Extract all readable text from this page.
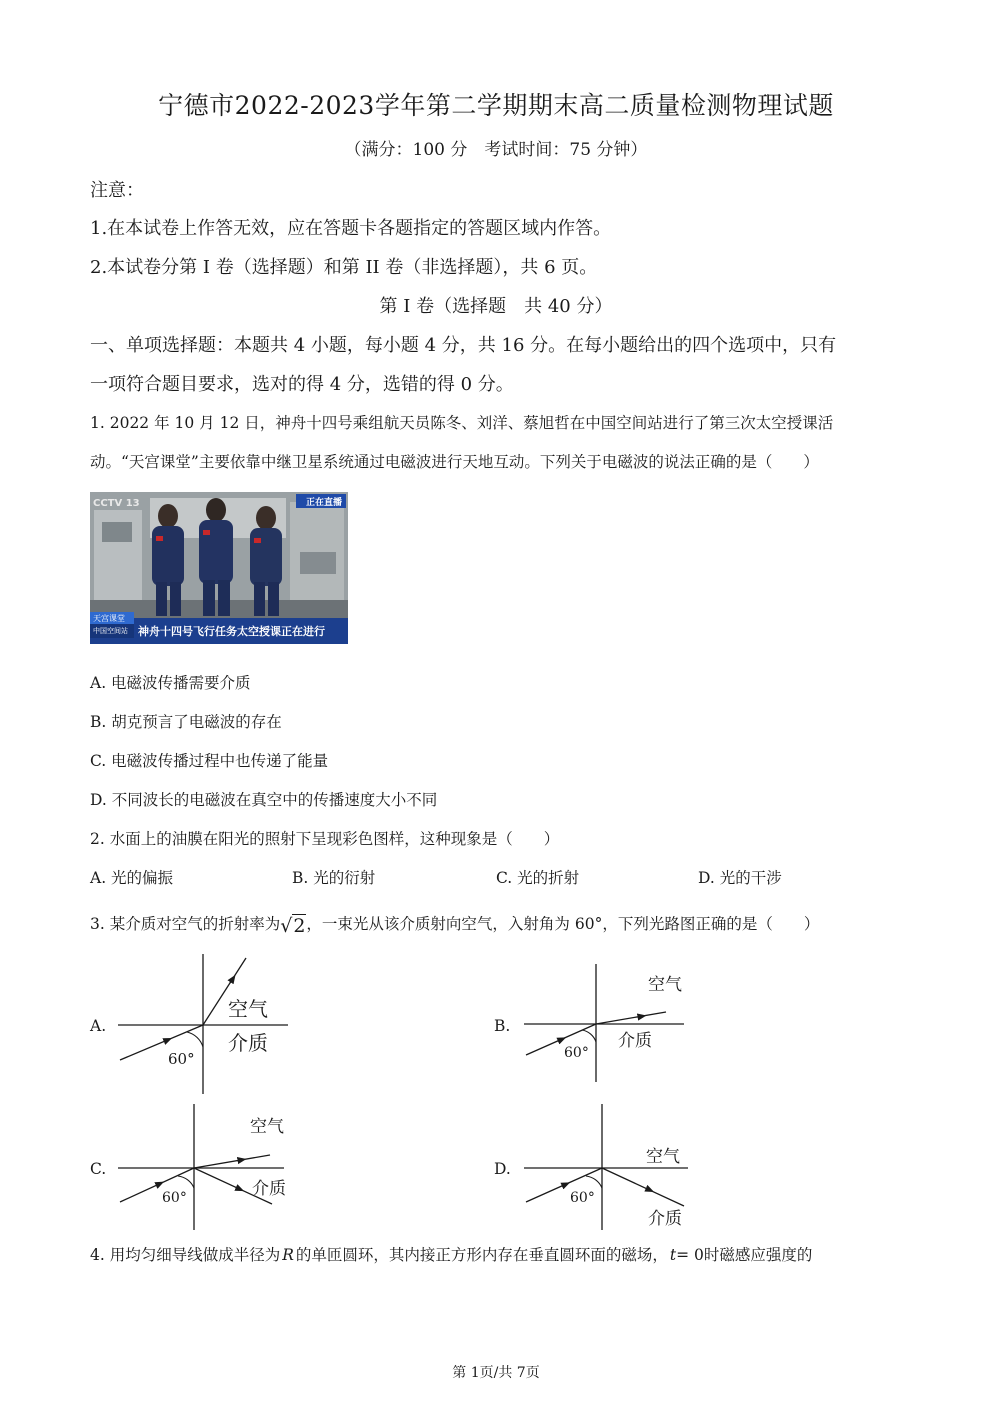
宁德市2022-2023学年第二学期期末高二质量检测物理试题
（满分：100 分　考试时间：75 分钟）
注意：
1.在本试卷上作答无效，应在答题卡各题指定的答题区域内作答。
2.本试卷分第 I 卷（选择题）和第 II 卷（非选择题），共 6 页。
第 I 卷（选择题　共 40 分）
一、单项选择题：本题共 4 小题，每小题 4 分，共 16 分。在每小题给出的四个选项中，只有
一项符合题目要求，选对的得 4 分，选错的得 0 分。
1. 2022 年 10 月 12 日，神舟十四号乘组航天员陈冬、刘洋、蔡旭哲在中国空间站进行了第三次太空授课活
动。“天宫课堂”主要依靠中继卫星系统通过电磁波进行天地互动。下列关于电磁波的说法正确的是（　　）
CCTV 13	正在直播
天宫课堂
中国空间站 神舟十四号飞行任务太空授课正在进行
A. 电磁波传播需要介质
B. 胡克预言了电磁波的存在
C. 电磁波传播过程中也传递了能量
D. 不同波长的电磁波在真空中的传播速度大小不同
2. 水面上的油膜在阳光的照射下呈现彩色图样，这种现象是（　　）
A. 光的偏振	B. 光的衍射	C. 光的折射	D. 光的干涉
3. 某介质对空气的折射率为√2，一束光从该介质射向空气，入射角为 60°，下列光路图正确的是（　　）
A.	B.
C.	D.
空气
介质
60°
空气
介质
60°
空气
介质
60°
空气
介质
60°
4. 用均匀细导线做成半径为 R 的单匝圆环，其内接正方形内存在垂直圆环面的磁场， t= 0时磁感应强度的
第 1页/共 7页
